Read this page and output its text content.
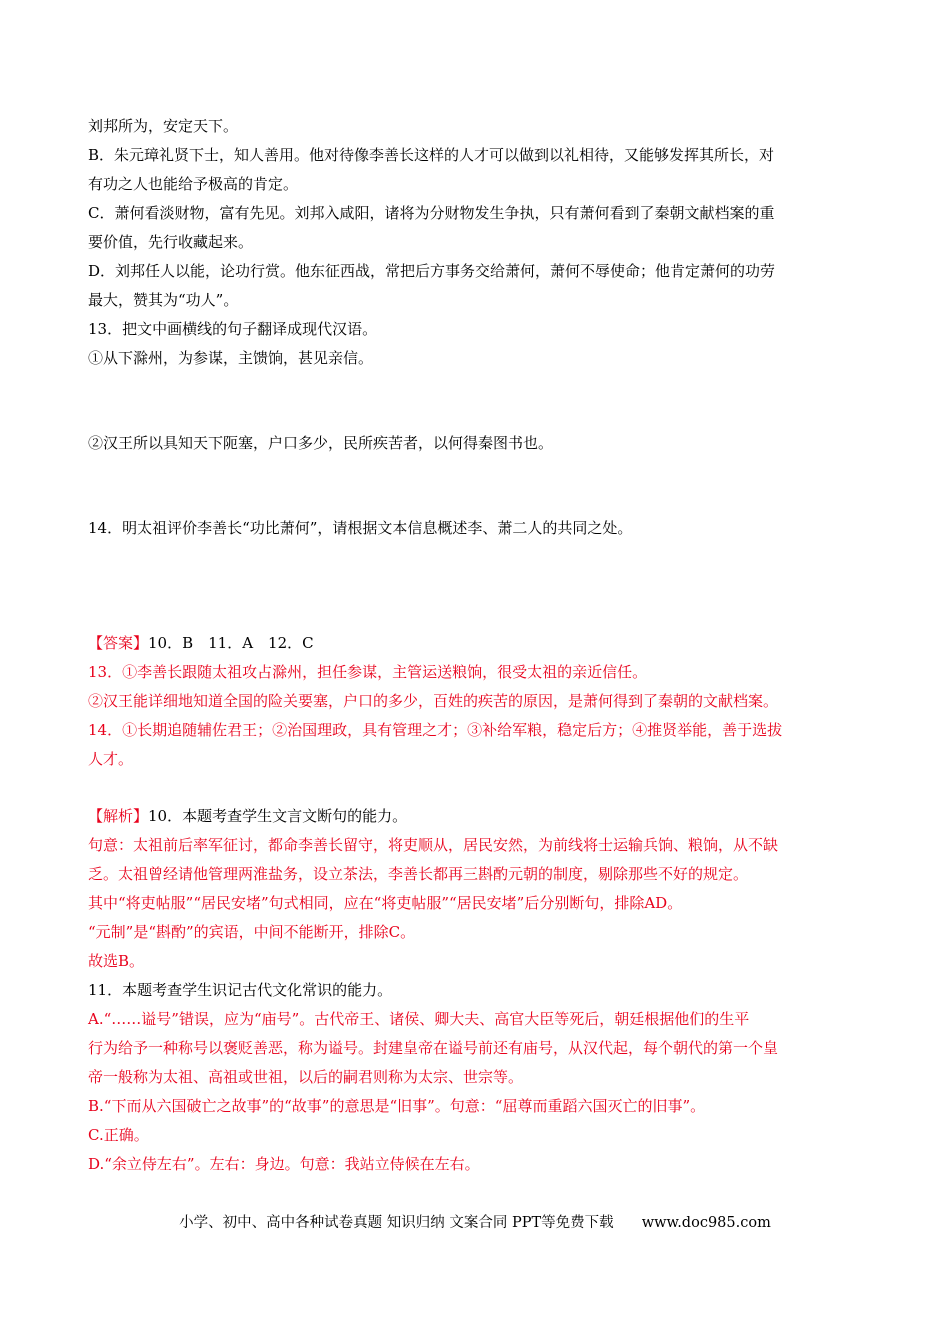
刘邦所为，安定天下。
B．朱元璋礼贤下士，知人善用。他对待像李善长这样的人才可以做到以礼相待，又能够发挥其所长，对
有功之人也能给予极高的肯定。
C．萧何看淡财物，富有先见。刘邦入咸阳，诸将为分财物发生争执，只有萧何看到了秦朝文献档案的重
要价值，先行收藏起来。
D．刘邦任人以能，论功行赏。他东征西战，常把后方事务交给萧何，萧何不辱使命；他肯定萧何的功劳
最大，赞其为“功人”。
13．把文中画横线的句子翻译成现代汉语。
①从下滁州，为参谋，主馈饷，甚见亲信。
②汉王所以具知天下阨塞，户口多少，民所疾苦者，以何得秦图书也。
14．明太祖评价李善长“功比萧何”，请根据文本信息概述李、萧二人的共同之处。
【答案】10．B　11．A　12．C
13．①李善长跟随太祖攻占滁州，担任参谋，主管运送粮饷，很受太祖的亲近信任。
②汉王能详细地知道全国的险关要塞，户口的多少，百姓的疾苦的原因，是萧何得到了秦朝的文献档案。
14．①长期追随辅佐君王；②治国理政，具有管理之才；③补给军粮，稳定后方；④推贤举能，善于选拔
人才。
【解析】10．本题考查学生文言文断句的能力。
句意：太祖前后率军征讨，都命李善长留守，将吏顺从，居民安然，为前线将士运输兵饷、粮饷，从不缺
乏。太祖曾经请他管理两淮盐务，设立茶法，李善长都再三斟酌元朝的制度，剔除那些不好的规定。
其中“将吏帖服”“居民安堵”句式相同，应在“将吏帖服”“居民安堵”后分别断句，排除AD。
“元制”是“斟酌”的宾语，中间不能断开，排除C。
故选B。
11．本题考查学生识记古代文化常识的能力。
A.“……谥号”错误，应为“庙号”。古代帝王、诸侯、卿大夫、高官大臣等死后，朝廷根据他们的生平
行为给予一种称号以褒贬善恶，称为谥号。封建皇帝在谥号前还有庙号，从汉代起，每个朝代的第一个皇
帝一般称为太祖、高祖或世祖，以后的嗣君则称为太宗、世宗等。
B.“下而从六国破亡之故事”的“故事”的意思是“旧事”。句意：“屈尊而重蹈六国灭亡的旧事”。
C.正确。
D.“余立侍左右”。左右：身边。句意：我站立侍候在左右。
小学、初中、高中各种试卷真题 知识归纳 文案合同 PPT等免费下载 www.doc985.com
